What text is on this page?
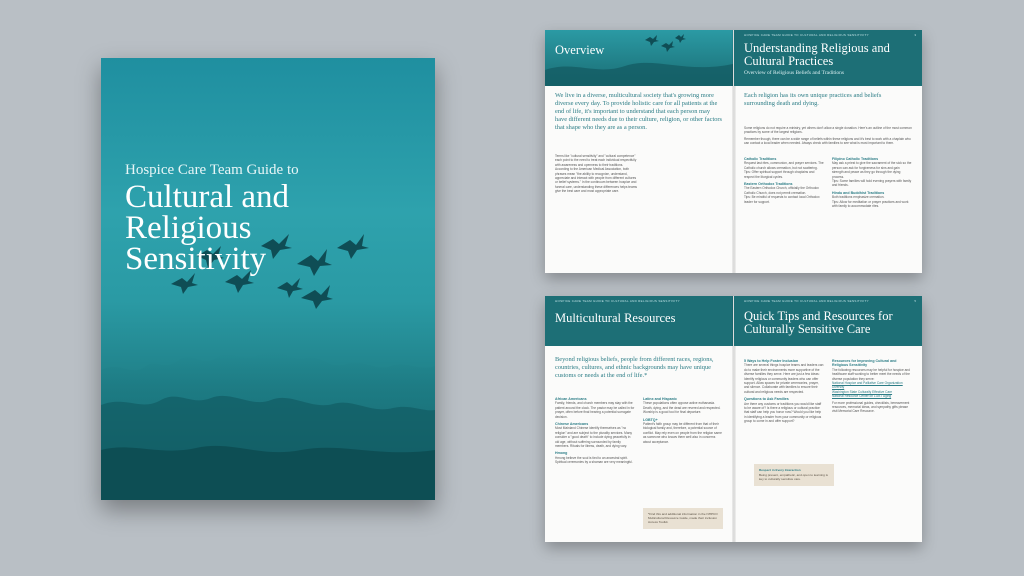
Hospice Care Team Guide to
Cultural and
Religious
Sensitivity
Overview
We live in a diverse, multicultural society that's growing more diverse every day. To provide holistic care for all patients at the end of life, it's important to understand that each person may have different needs due to their culture, religion, or other factors that shape who they are as a person.
Terms like "cultural sensitivity" and "cultural competence" each point to the need to treat each individual respectfully with awareness and openness to their traditions. According to the American Medical Association, both phrases mean "the ability to recognize, understand, appreciate and interact with people from different cultures or belief systems." In the continuum between hospice and funeral care, understanding these differences helps teams give the best care and most appropriate care.
HOSPICE CARE TEAM GUIDE TO CULTURAL AND RELIGIOUS SENSITIVITY	3
Understanding Religious and Cultural Practices
Overview of Religious Beliefs and Traditions
Each religion has its own unique practices and beliefs surrounding death and dying.
Some religions do not require a ministry, yet others don't allow a single donation. Here's an outline of the most common practices by some of the largest religions.
Remember though, there can be a wide range of beliefs within these religions and it's best to work with a chaplain who can contact a local leader when needed. Always check with families to see what is most important to them.
Catholic Traditions
Request last rites, communion, and prayer services. The Catholic church allows cremation, but not scattering.
Tips: Offer spiritual support through chaplains and respect the liturgical cycles.
Eastern Orthodox Traditions
The Eastern Orthodox Church, officially the Orthodox Catholic Church, does not permit cremation.
Tips: Be mindful of requests to contact local Orthodox leader for support.
Filipino Catholic Traditions
May ask a priest to give the sacrament of the sick so the person can ask for forgiveness for sins and gain strength and peace as they go through the dying process.
Tips: Some families will hold evening prayers with family and friends.
Hindu and Buddhist Traditions
Both traditions emphasize cremation.
Tips: Allow for meditation or prayer practices and work with family to accommodate rites.
HOSPICE CARE TEAM GUIDE TO CULTURAL AND RELIGIOUS SENSITIVITY
Multicultural Resources
Beyond religious beliefs, people from different races, regions, countries, cultures, and ethnic backgrounds may have unique customs or needs at the end of life.*
African Americans
Family, friends, and church members may stay with the patient around the clock. The pastor may be called in for prayer, often before final hearing a potential surrogate decision.
Chinese Americans
Most Mainland Chinese identify themselves as "no religion" and are subject to the plurality services. Many consider a "good death" to include dying peacefully in old age, without suffering surrounded by family members. Rituals for illness, death, and dying vary.
Hmong
Hmong believe the soul is tied to an ancestral spirit. Spiritual ceremonies by a shaman are very meaningful.
Latinx and Hispanic
These populations often oppose active euthanasia. Death, dying, and the dead are revered and respected. Worship is a good tool for final departure.
LGBTQ+
Patient's faith group may be different from that of their biological family and, therefore, a potential source of conflict. May rely even on people from the religion same as someone who knows them well also in concerns about acceptance.
*Find this and additional information in the NHPCO Multicultural Resource Guide, made their inclusion Access Toolkit.
HOSPICE CARE TEAM GUIDE TO CULTURAL AND RELIGIOUS SENSITIVITY	5
Quick Tips and Resources for Culturally Sensitive Care
5 Ways to Help Foster Inclusion
There are several things hospice teams and leaders can do to make their environments more supportive of the diverse families they serve. Here are just a few ideas: Identify religious or community leaders who can offer support. Allow spaces for private ceremonies, prayer, and silence. Collaborate with families to ensure their cultural and religious needs are respected.
Questions to Ask Families
Are there any customs or traditions you would like staff to be aware of? Is there a religious or cultural practice that staff can help you honor now? Would you like help in identifying a leader from your community or religious group to come in and offer support?
Resources for Improving Cultural and Religious Sensitivity
The following resources may be helpful for hospice and healthcare staff working to better meet the needs of the diverse population they serve:
National Hospice and Palliative Care Organization Diversity
Washington State Culturally Effective Care
National Resource Center on LGBT Aging
For more professional guides, checklists, bereavement resources, memorial ideas, and sympathy gifts please visit Memorial Care Resource.
Respect in Every Interaction
Being present, empathetic, and open to learning is key to culturally sensitive care.
